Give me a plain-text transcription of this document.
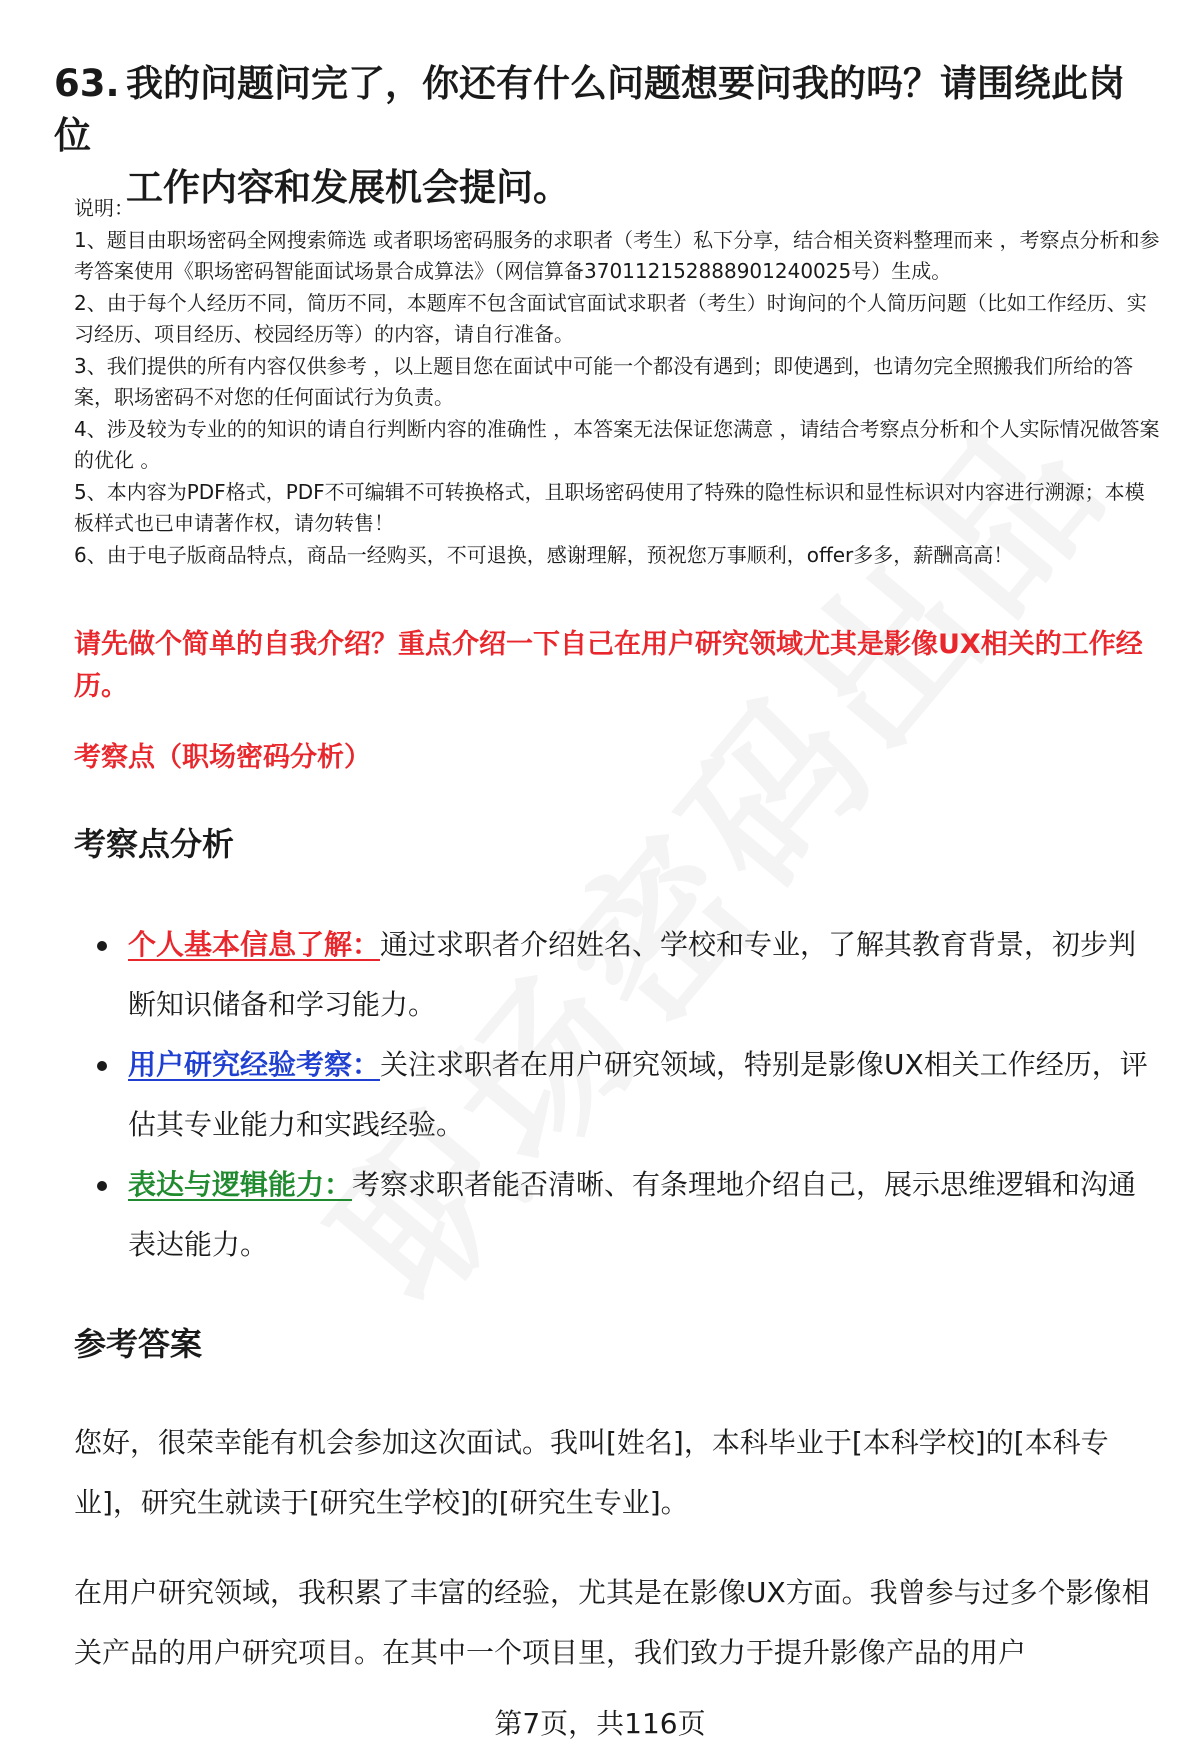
63. 我的问题问完了，你还有什么问题想要问我的吗？请围绕此岗位
工作内容和发展机会提问。

说明：

1、题目由职场密码全网搜索筛选 或者职场密码服务的求职者（考生）私下分享，结合相关资料整理而来 ，考察点分析和参考答案使用《职场密码智能面试场景合成算法》（网信算备370112152888901240025号）生成。

2、由于每个人经历不同，简历不同，本题库不包含面试官面试求职者（考生）时询问的个人简历问题（比如工作经历、实习经历、项目经历、校园经历等）的内容，请自行准备。

3、我们提供的所有内容仅供参考 ，以上题目您在面试中可能一个都没有遇到；即使遇到，也请勿完全照搬我们所给的答案，职场密码不对您的任何面试行为负责。

4、涉及较为专业的的知识的请自行判断内容的准确性 ，本答案无法保证您满意 ，请结合考察点分析和个人实际情况做答案的优化 。

5、本内容为PDF格式，PDF不可编辑不可转换格式，且职场密码使用了特殊的隐性标识和显性标识对内容进行溯源；本模板样式也已申请著作权，请勿转售！

6、由于电子版商品特点，商品一经购买，不可退换，感谢理解，预祝您万事顺利，offer多多，薪酬高高！

请先做个简单的自我介绍？重点介绍一下自己在用户研究领域尤其是影像UX相关的工作经历。

考察点（职场密码分析）

考察点分析
个人基本信息了解：通过求职者介绍姓名、学校和专业，了解其教育背景，初步判断知识储备和学习能力。
用户研究经验考察：关注求职者在用户研究领域，特别是影像UX相关工作经历，评估其专业能力和实践经验。
表达与逻辑能力：考察求职者能否清晰、有条理地介绍自己，展示思维逻辑和沟通表达能力。
参考答案

您好，很荣幸能有机会参加这次面试。我叫[姓名]，本科毕业于[本科学校]的[本科专业]，研究生就读于[研究生学校]的[研究生专业]。

在用户研究领域，我积累了丰富的经验，尤其是在影像UX方面。我曾参与过多个影像相关产品的用户研究项目。在其中一个项目里，我们致力于提升影像产品的用户

第7页，共116页
